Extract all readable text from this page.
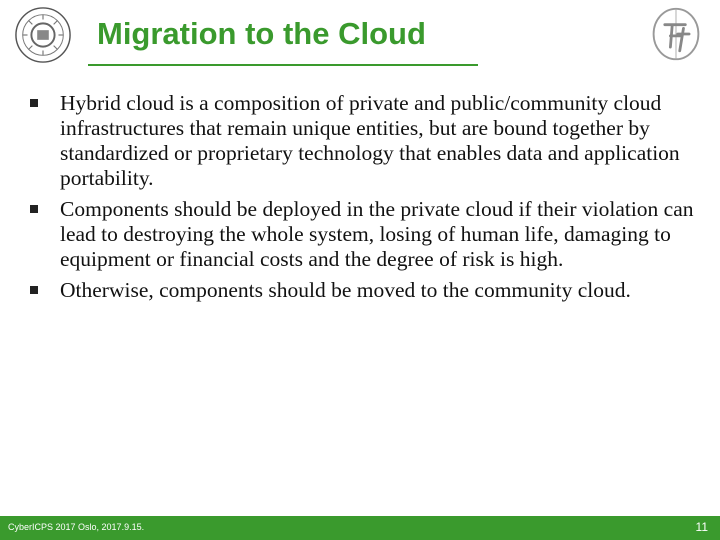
Migration to the Cloud
Hybrid cloud is a composition of private and public/community cloud infrastructures that remain unique entities, but are bound together by standardized or proprietary technology that enables data and application portability.
Components should be deployed in the private cloud if their violation can lead to destroying the whole system, losing of human life, damaging to equipment or financial costs and the degree of risk is high.
Otherwise, components should be moved to the community cloud.
CyberICPS 2017 Oslo, 2017.9.15.	11
